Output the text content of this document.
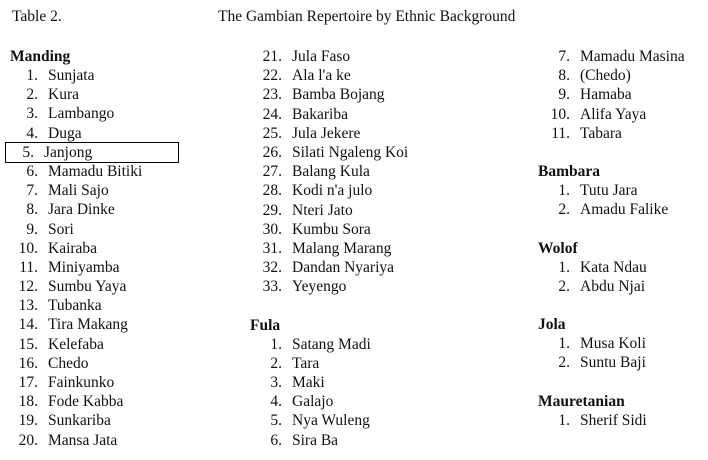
Table 2.	The Gambian Repertoire by Ethnic Background
Manding
1. Sunjata
2. Kura
3. Lambango
4. Duga
5. Janjong
6. Mamadu Bitiki
7. Mali Sajo
8. Jara Dinke
9. Sori
10. Kairaba
11. Miniyamba
12. Sumbu Yaya
13. Tubanka
14. Tira Makang
15. Kelefaba
16. Chedo
17. Fainkunko
18. Fode Kabba
19. Sunkariba
20. Mansa Jata
21. Jula Faso
22. Ala l'a ke
23. Bamba Bojang
24. Bakariba
25. Jula Jekere
26. Silati Ngaleng Koi
27. Balang Kula
28. Kodi n'a julo
29. Nteri Jato
30. Kumbu Sora
31. Malang Marang
32. Dandan Nyariya
33. Yeyengo
Fula
1. Satang Madi
2. Tara
3. Maki
4. Galajo
5. Nya Wuleng
6. Sira Ba
7. Mamadu Masina
8. (Chedo)
9. Hamaba
10. Alifa Yaya
11. Tabara
Bambara
1. Tutu Jara
2. Amadu Falike
Wolof
1. Kata Ndau
2. Abdu Njai
Jola
1. Musa Koli
2. Suntu Baji
Mauretanian
1. Sherif Sidi
